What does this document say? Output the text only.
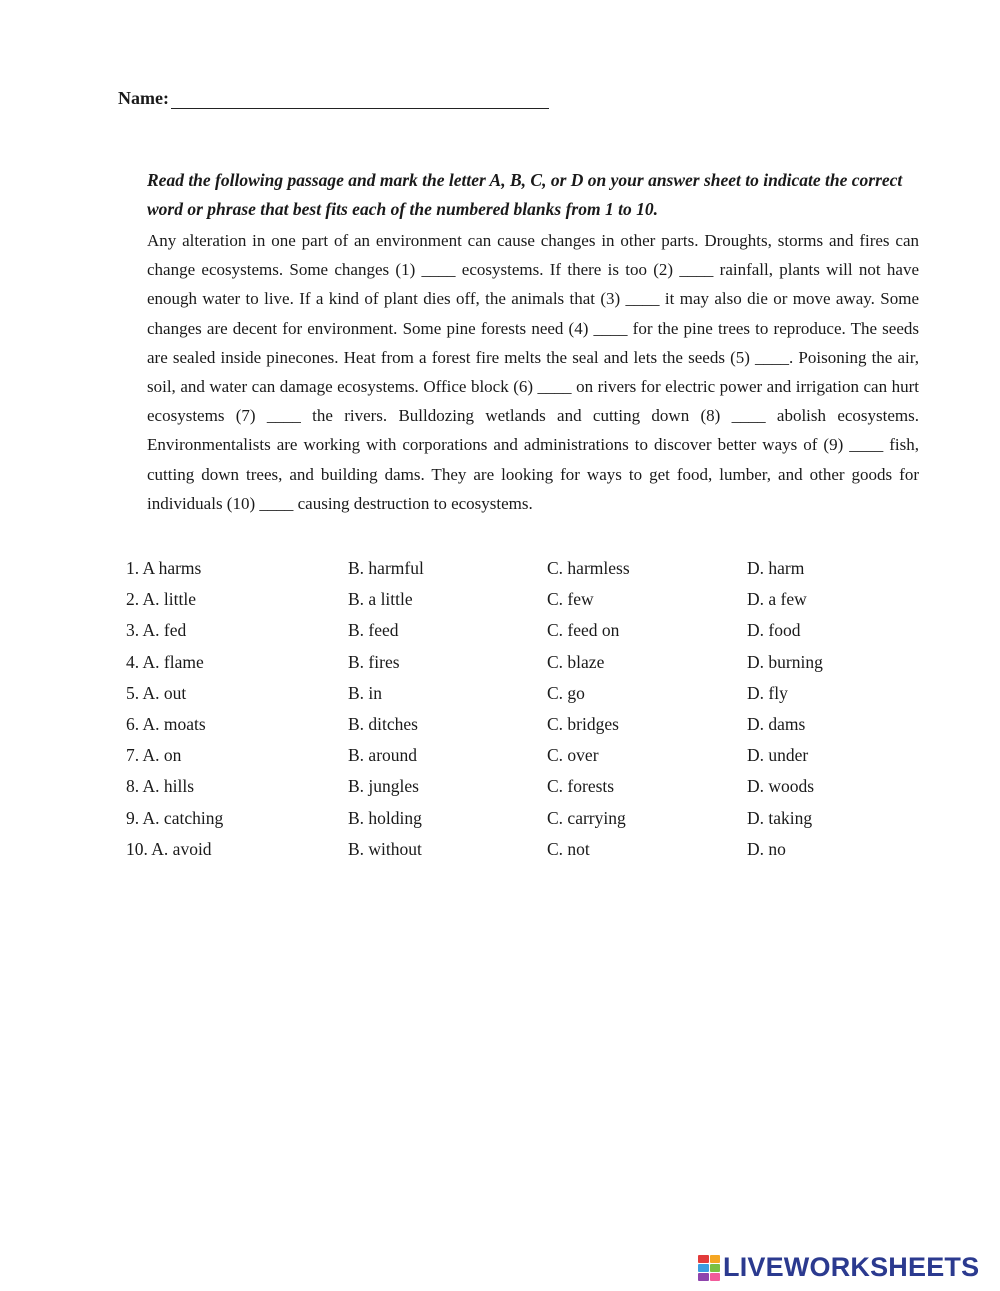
Name:

Read the following passage and mark the letter A, B, C, or D on your answer sheet to indicate the correct word or phrase that best fits each of the numbered blanks from 1 to 10.

Any alteration in one part of an environment can cause changes in other parts. Droughts, storms and fires can change ecosystems. Some changes (1) ____ ecosystems. If there is too (2) ____ rainfall, plants will not have enough water to live. If a kind of plant dies off, the animals that (3) ____ it may also die or move away. Some changes are decent for environment. Some pine forests need (4) ____ for the pine trees to reproduce. The seeds are sealed inside pinecones. Heat from a forest fire melts the seal and lets the seeds (5) ____. Poisoning the air, soil, and water can damage ecosystems. Office block (6) ____ on rivers for electric power and irrigation can hurt ecosystems (7) ____ the rivers. Bulldozing wetlands and cutting down (8) ____ abolish ecosystems. Environmentalists are working with corporations and administrations to discover better ways of (9) ____ fish, cutting down trees, and building dams. They are looking for ways to get food, lumber, and other goods for individuals (10) ____ causing destruction to ecosystems.

1. A harms	B. harmful	C. harmless	D. harm
2. A. little	B. a little	C. few	D. a few
3. A. fed	B. feed	C. feed on	D. food
4. A. flame	B. fires	C. blaze	D. burning
5. A. out	B. in	C. go	D. fly
6. A. moats	B. ditches	C. bridges	D. dams
7. A. on	B. around	C. over	D. under
8. A. hills	B. jungles	C. forests	D. woods
9. A. catching	B. holding	C. carrying	D. taking
10. A. avoid	B. without	C. not	D. no
LIVEWORKSHEETS
